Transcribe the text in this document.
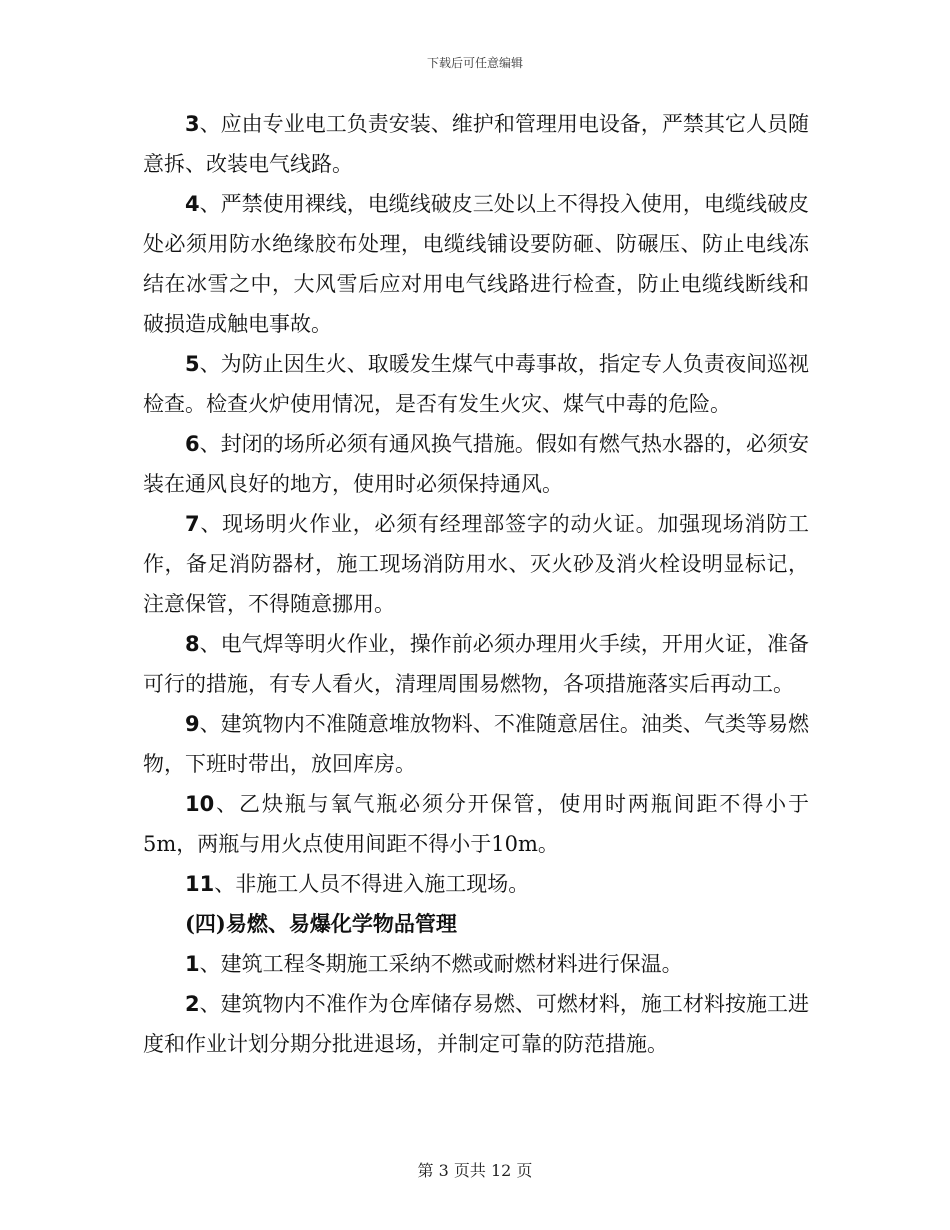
下载后可任意编辑

3、应由专业电工负责安装、维护和管理用电设备，严禁其它人员随意拆、改装电气线路。

4、严禁使用裸线，电缆线破皮三处以上不得投入使用，电缆线破皮处必须用防水绝缘胶布处理，电缆线铺设要防砸、防碾压、防止电线冻结在冰雪之中，大风雪后应对用电气线路进行检查，防止电缆线断线和破损造成触电事故。

5、为防止因生火、取暖发生煤气中毒事故，指定专人负责夜间巡视检查。检查火炉使用情况，是否有发生火灾、煤气中毒的危险。

6、封闭的场所必须有通风换气措施。假如有燃气热水器的，必须安装在通风良好的地方，使用时必须保持通风。

7、现场明火作业，必须有经理部签字的动火证。加强现场消防工作，备足消防器材，施工现场消防用水、灭火砂及消火栓设明显标记，注意保管，不得随意挪用。

8、电气焊等明火作业，操作前必须办理用火手续，开用火证，准备可行的措施，有专人看火，清理周围易燃物，各项措施落实后再动工。

9、建筑物内不准随意堆放物料、不准随意居住。油类、气类等易燃物，下班时带出，放回库房。

10、乙炔瓶与氧气瓶必须分开保管，使用时两瓶间距不得小于5m，两瓶与用火点使用间距不得小于10m。

11、非施工人员不得进入施工现场。

(四)易燃、易爆化学物品管理

1、建筑工程冬期施工采纳不燃或耐燃材料进行保温。

2、建筑物内不准作为仓库储存易燃、可燃材料，施工材料按施工进度和作业计划分期分批进退场，并制定可靠的防范措施。

第 3 页共 12 页
